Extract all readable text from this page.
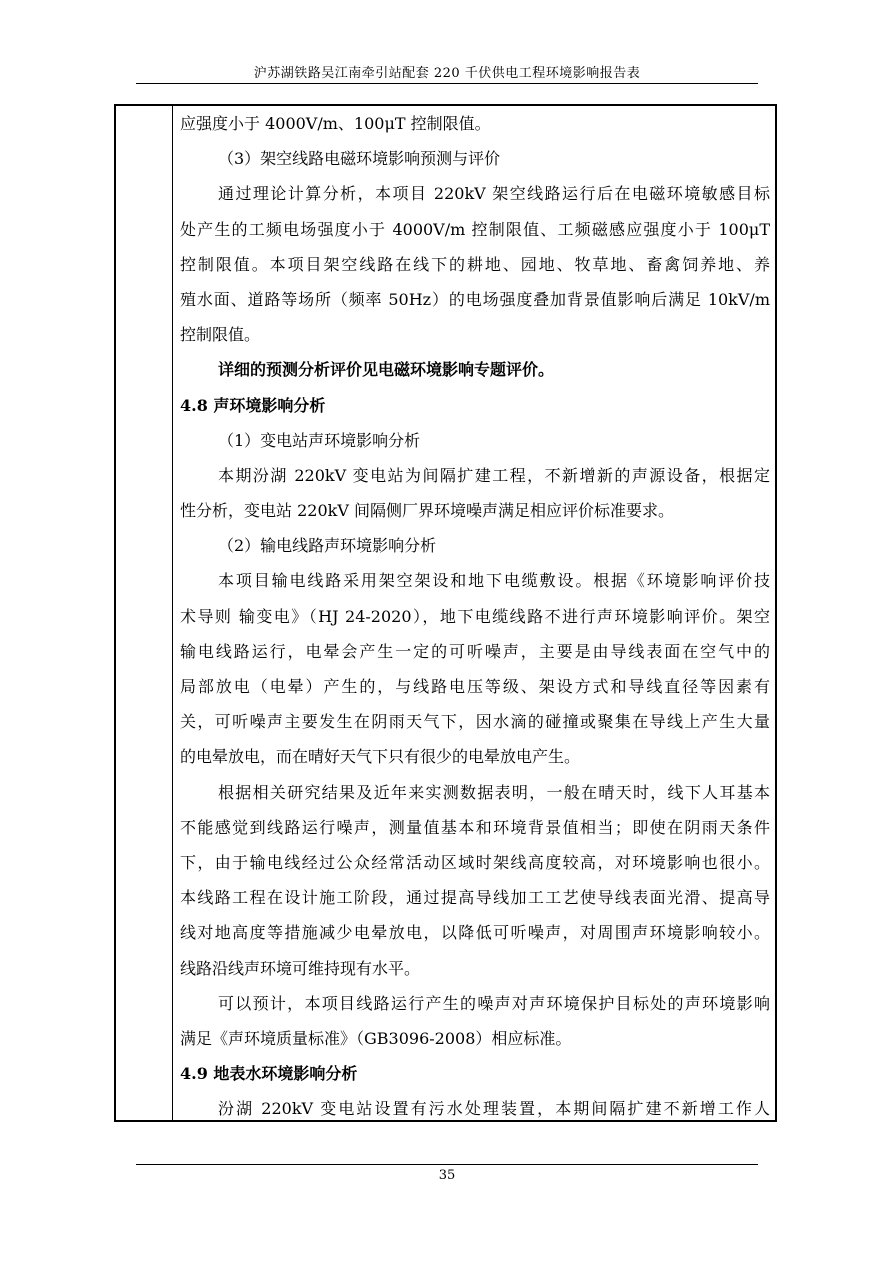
沪苏湖铁路吴江南牵引站配套 220 千伏供电工程环境影响报告表
应强度小于 4000V/m、100μT 控制限值。
（3）架空线路电磁环境影响预测与评价
通过理论计算分析，本项目 220kV 架空线路运行后在电磁环境敏感目标
处产生的工频电场强度小于 4000V/m 控制限值、工频磁感应强度小于 100μT
控制限值。本项目架空线路在线下的耕地、园地、牧草地、畜禽饲养地、养
殖水面、道路等场所（频率 50Hz）的电场强度叠加背景值影响后满足 10kV/m
控制限值。
详细的预测分析评价见电磁环境影响专题评价。
4.8 声环境影响分析
（1）变电站声环境影响分析
本期汾湖 220kV 变电站为间隔扩建工程，不新增新的声源设备，根据定
性分析，变电站 220kV 间隔侧厂界环境噪声满足相应评价标准要求。
（2）输电线路声环境影响分析
本项目输电线路采用架空架设和地下电缆敷设。根据《环境影响评价技
术导则 输变电》（HJ 24-2020），地下电缆线路不进行声环境影响评价。架空
输电线路运行，电晕会产生一定的可听噪声，主要是由导线表面在空气中的
局部放电（电晕）产生的，与线路电压等级、架设方式和导线直径等因素有
关，可听噪声主要发生在阴雨天气下，因水滴的碰撞或聚集在导线上产生大量
的电晕放电，而在晴好天气下只有很少的电晕放电产生。
根据相关研究结果及近年来实测数据表明，一般在晴天时，线下人耳基本
不能感觉到线路运行噪声，测量值基本和环境背景值相当；即使在阴雨天条件
下，由于输电线经过公众经常活动区域时架线高度较高，对环境影响也很小。
本线路工程在设计施工阶段，通过提高导线加工工艺使导线表面光滑、提高导
线对地高度等措施减少电晕放电，以降低可听噪声，对周围声环境影响较小。
线路沿线声环境可维持现有水平。
可以预计，本项目线路运行产生的噪声对声环境保护目标处的声环境影响
满足《声环境质量标准》（GB3096-2008）相应标准。
4.9 地表水环境影响分析
汾湖 220kV 变电站设置有污水处理装置，本期间隔扩建不新增工作人
35
